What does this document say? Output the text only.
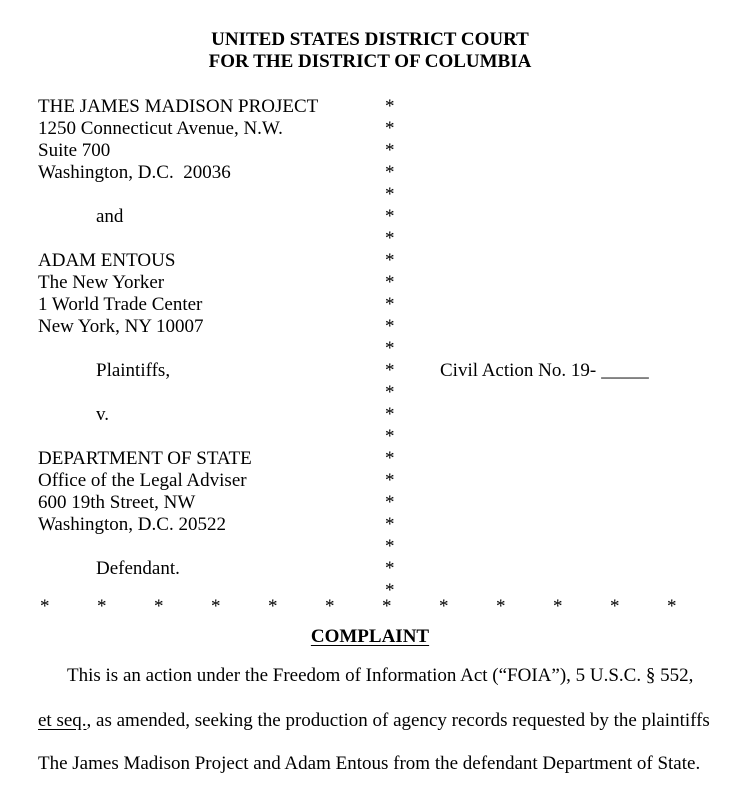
UNITED STATES DISTRICT COURT
FOR THE DISTRICT OF COLUMBIA
THE JAMES MADISON PROJECT	*
1250 Connecticut Avenue, N.W.	*
Suite 700	*
Washington, D.C.  20036	*
*
and	*
*
ADAM ENTOUS	*
The New Yorker	*
1 World Trade Center	*
New York, NY 10007	*
*
Plaintiffs,	* Civil Action No. 19- _____
*
v.	*
*
DEPARTMENT OF STATE	*
Office of the Legal Adviser	*
600 19th Street, NW	*
Washington, D.C. 20522	*
*
Defendant.	*
*
************
COMPLAINT

This is an action under the Freedom of Information Act (“FOIA”), 5 U.S.C. § 552,

et seq., as amended, seeking the production of agency records requested by the plaintiffs

The James Madison Project and Adam Entous from the defendant Department of State.
